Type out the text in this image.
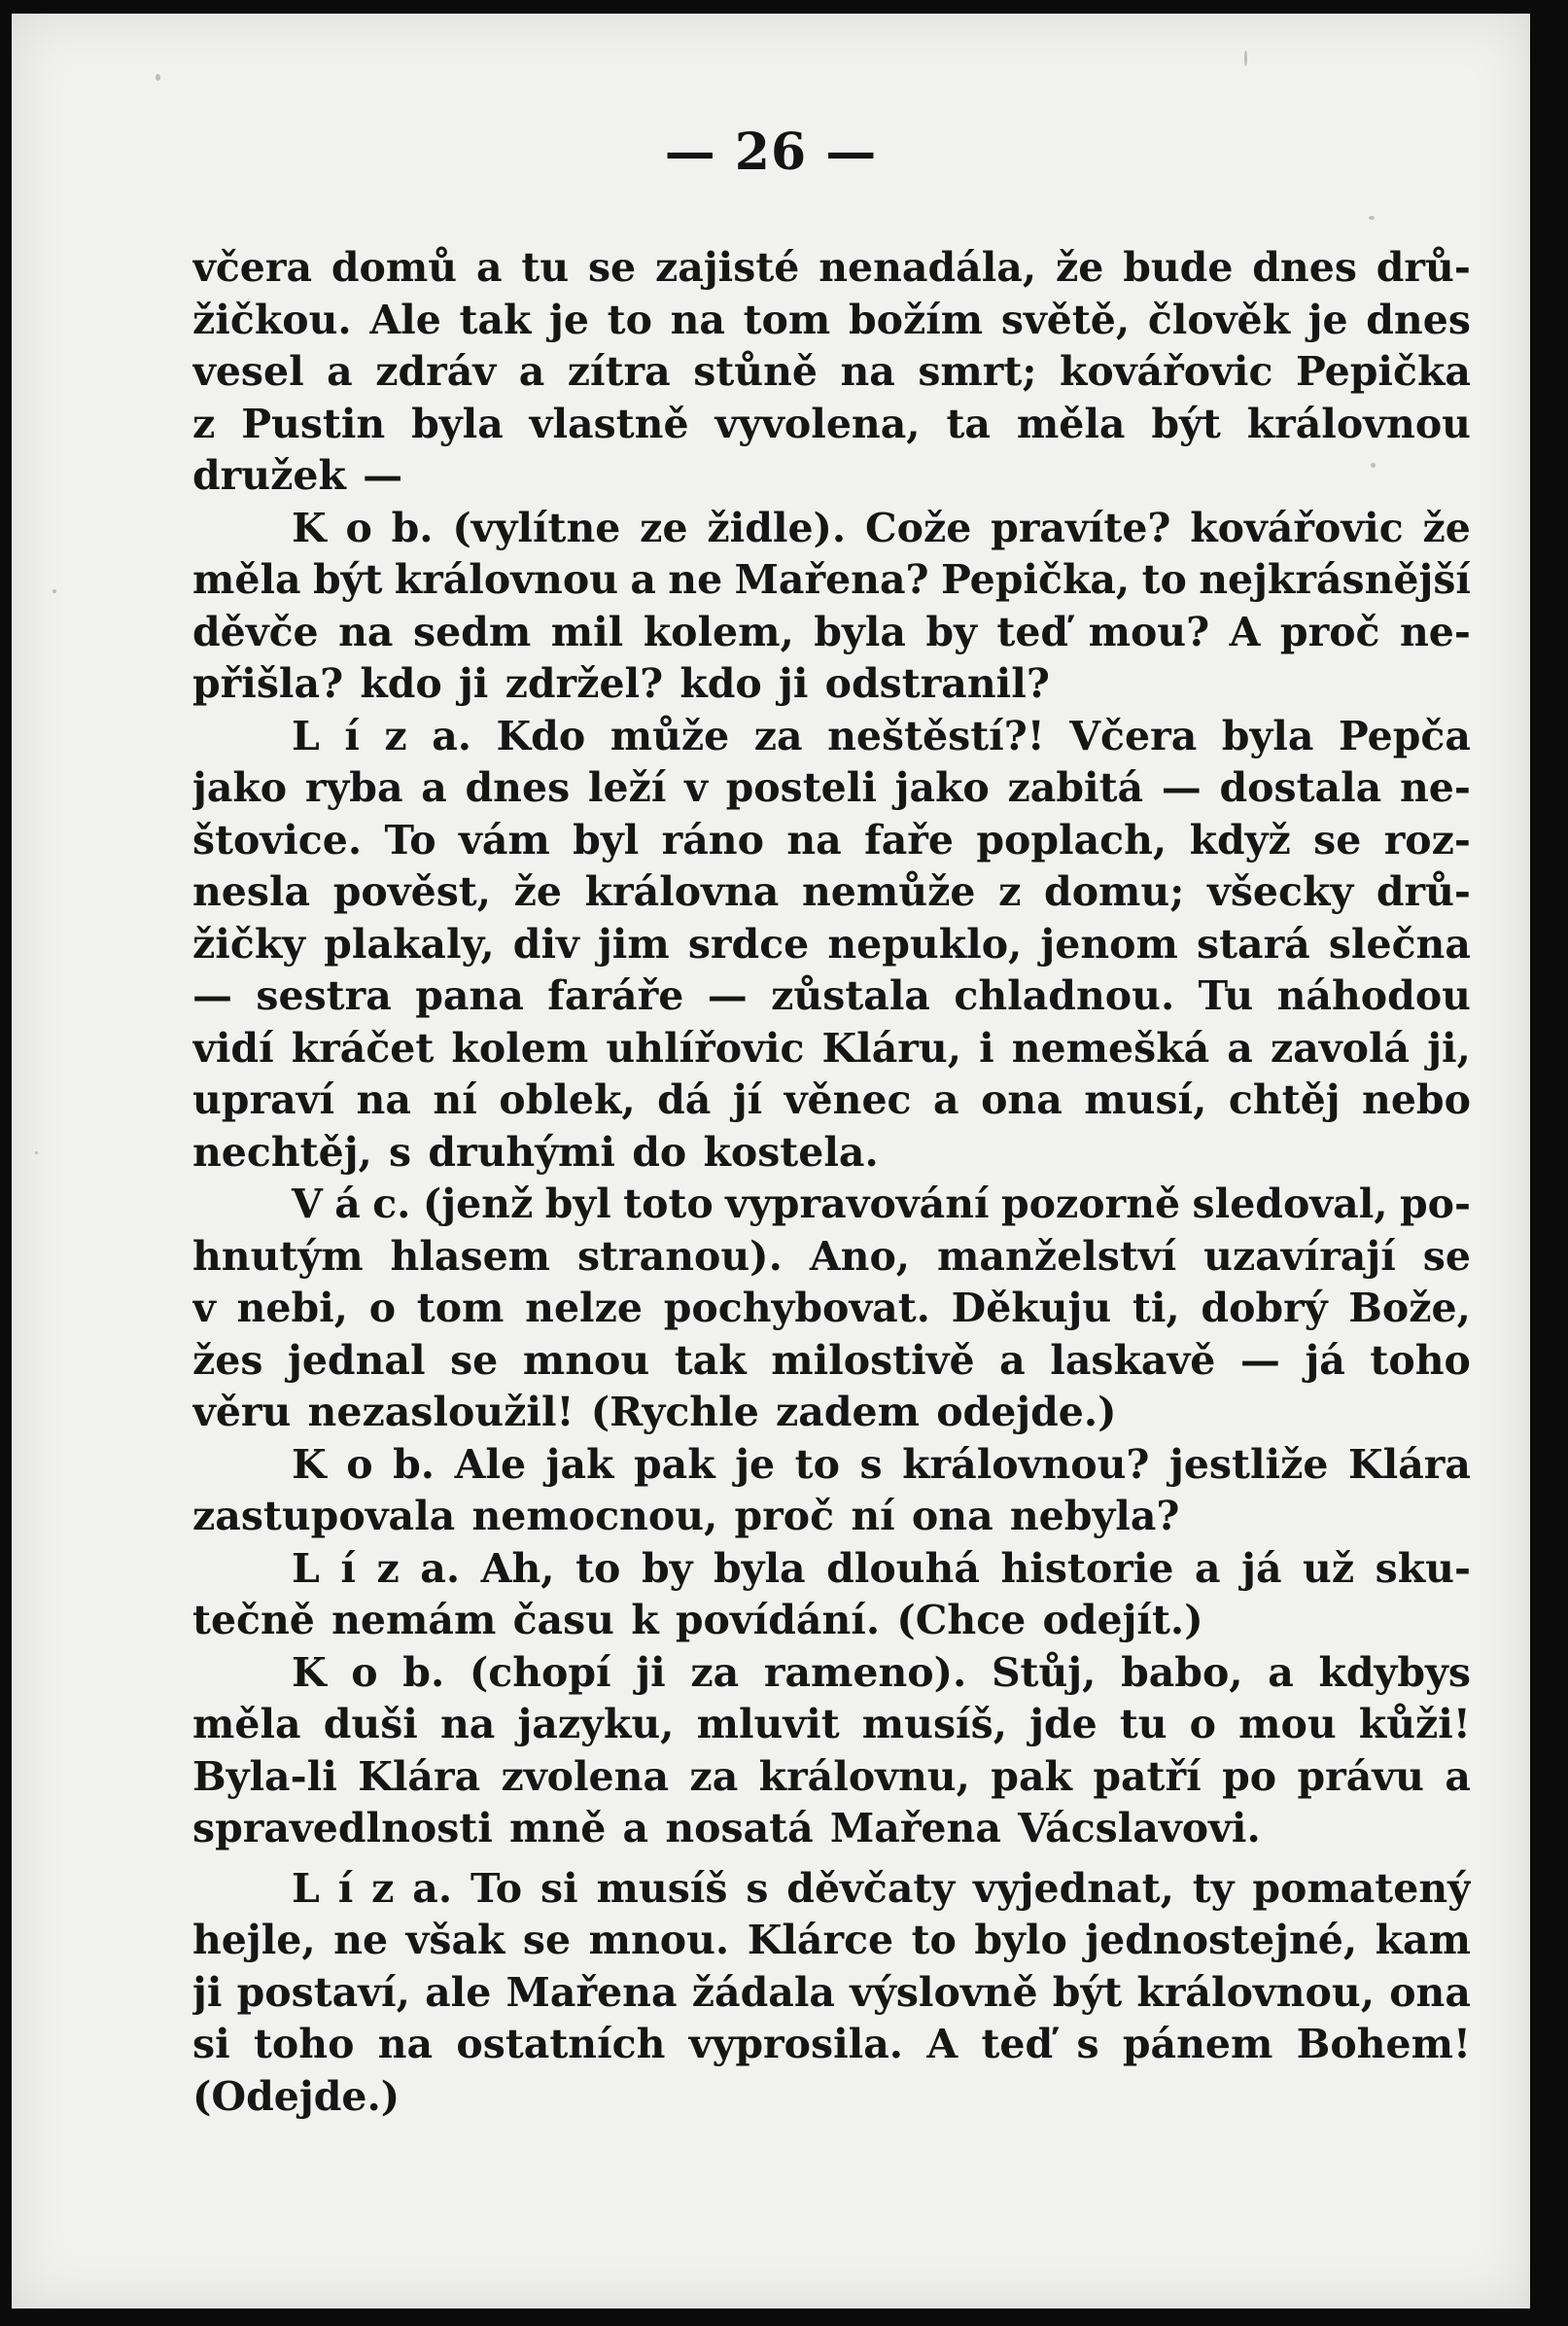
— 26 —
včera domů a tu se zajisté nenadála, že bude dnes drů-
žičkou. Ale tak je to na tom božím světě, člověk je dnes
vesel a zdráv a zítra stůně na smrt; kovářovic Pepička
z Pustin byla vlastně vyvolena, ta měla být královnou
družek —
K o b. (vylítne ze židle). Cože pravíte? kovářovic že
měla být královnou a ne Mařena? Pepička, to nejkrásnější
děvče na sedm mil kolem, byla by teď mou? A proč ne-
přišla? kdo ji zdržel? kdo ji odstranil?
L í z a. Kdo může za neštěstí?! Včera byla Pepča
jako ryba a dnes leží v posteli jako zabitá — dostala ne-
štovice. To vám byl ráno na faře poplach, když se roz-
nesla pověst, že královna nemůže z domu; všecky drů-
žičky plakaly, div jim srdce nepuklo, jenom stará slečna
— sestra pana faráře — zůstala chladnou. Tu náhodou
vidí kráčet kolem uhlířovic Kláru, i nemešká a zavolá ji,
upraví na ní oblek, dá jí věnec a ona musí, chtěj nebo
nechtěj, s druhými do kostela.
V á c. (jenž byl toto vypravování pozorně sledoval, po-
hnutým hlasem stranou). Ano, manželství uzavírají se
v nebi, o tom nelze pochybovat. Děkuju ti, dobrý Bože,
žes jednal se mnou tak milostivě a laskavě — já toho
věru nezasloužil! (Rychle zadem odejde.)
K o b. Ale jak pak je to s královnou? jestliže Klára
zastupovala nemocnou, proč ní ona nebyla?
L í z a. Ah, to by byla dlouhá historie a já už sku-
tečně nemám času k povídání. (Chce odejít.)
K o b. (chopí ji za rameno). Stůj, babo, a kdybys
měla duši na jazyku, mluvit musíš, jde tu o mou kůži!
Byla-li Klára zvolena za královnu, pak patří po právu a
spravedlnosti mně a nosatá Mařena Vácslavovi.
L í z a. To si musíš s děvčaty vyjednat, ty pomatený
hejle, ne však se mnou. Klárce to bylo jednostejné, kam
ji postaví, ale Mařena žádala výslovně být královnou, ona
si toho na ostatních vyprosila. A teď s pánem Bohem!
(Odejde.)
